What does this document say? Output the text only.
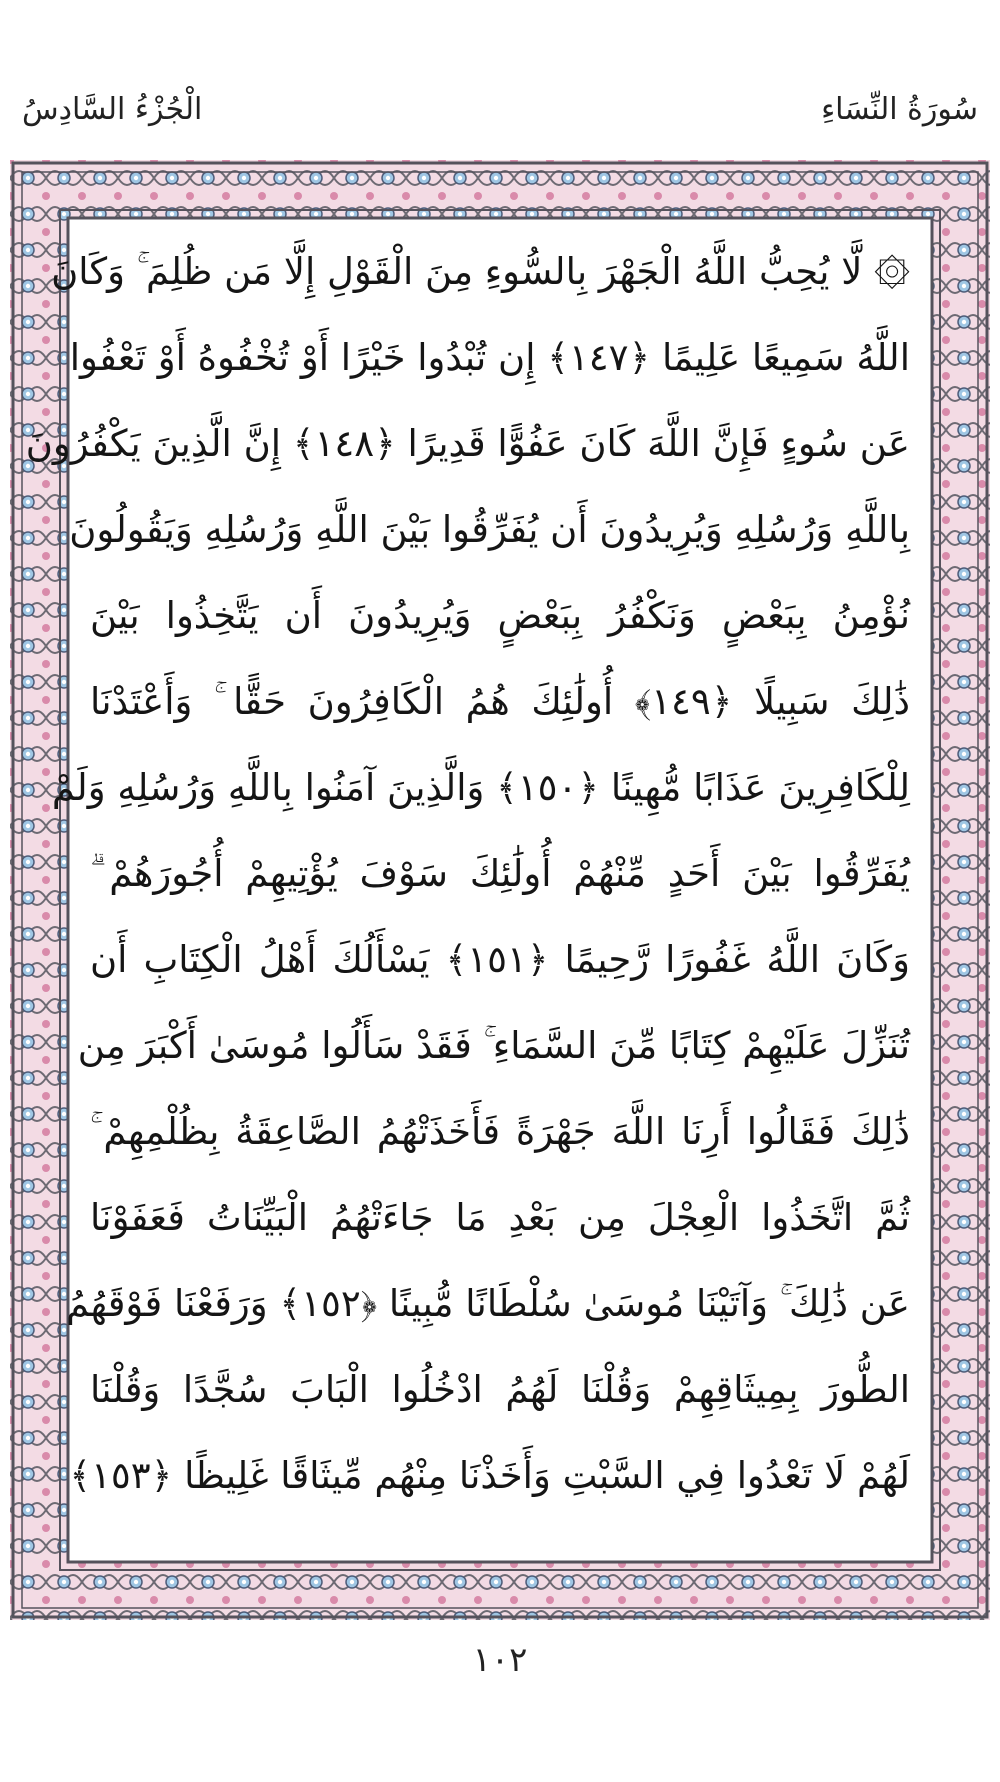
سُورَةُ النِّسَاءِ
الْجُزْءُ السَّادِسُ
۞ لَّا يُحِبُّ اللَّهُ الْجَهْرَ بِالسُّوءِ مِنَ الْقَوْلِ إِلَّا مَن ظُلِمَ ۚ وَكَانَ
اللَّهُ سَمِيعًا عَلِيمًا ﴿١٤٧﴾ إِن تُبْدُوا خَيْرًا أَوْ تُخْفُوهُ أَوْ تَعْفُوا
عَن سُوءٍ فَإِنَّ اللَّهَ كَانَ عَفُوًّا قَدِيرًا ﴿١٤٨﴾ إِنَّ الَّذِينَ يَكْفُرُونَ
بِاللَّهِ وَرُسُلِهِ وَيُرِيدُونَ أَن يُفَرِّقُوا بَيْنَ اللَّهِ وَرُسُلِهِ وَيَقُولُونَ
نُؤْمِنُ بِبَعْضٍ وَنَكْفُرُ بِبَعْضٍ وَيُرِيدُونَ أَن يَتَّخِذُوا بَيْنَ
ذَٰلِكَ سَبِيلًا ﴿١٤٩﴾ أُولَٰئِكَ هُمُ الْكَافِرُونَ حَقًّا ۚ وَأَعْتَدْنَا
لِلْكَافِرِينَ عَذَابًا مُّهِينًا ﴿١٥٠﴾ وَالَّذِينَ آمَنُوا بِاللَّهِ وَرُسُلِهِ وَلَمْ
يُفَرِّقُوا بَيْنَ أَحَدٍ مِّنْهُمْ أُولَٰئِكَ سَوْفَ يُؤْتِيهِمْ أُجُورَهُمْ ۗ
وَكَانَ اللَّهُ غَفُورًا رَّحِيمًا ﴿١٥١﴾ يَسْأَلُكَ أَهْلُ الْكِتَابِ أَن
تُنَزِّلَ عَلَيْهِمْ كِتَابًا مِّنَ السَّمَاءِ ۚ فَقَدْ سَأَلُوا مُوسَىٰ أَكْبَرَ مِن
ذَٰلِكَ فَقَالُوا أَرِنَا اللَّهَ جَهْرَةً فَأَخَذَتْهُمُ الصَّاعِقَةُ بِظُلْمِهِمْ ۚ
ثُمَّ اتَّخَذُوا الْعِجْلَ مِن بَعْدِ مَا جَاءَتْهُمُ الْبَيِّنَاتُ فَعَفَوْنَا
عَن ذَٰلِكَ ۚ وَآتَيْنَا مُوسَىٰ سُلْطَانًا مُّبِينًا ﴿١٥٢﴾ وَرَفَعْنَا فَوْقَهُمُ
الطُّورَ بِمِيثَاقِهِمْ وَقُلْنَا لَهُمُ ادْخُلُوا الْبَابَ سُجَّدًا وَقُلْنَا
لَهُمْ لَا تَعْدُوا فِي السَّبْتِ وَأَخَذْنَا مِنْهُم مِّيثَاقًا غَلِيظًا ﴿١٥٣﴾
١٠٢
